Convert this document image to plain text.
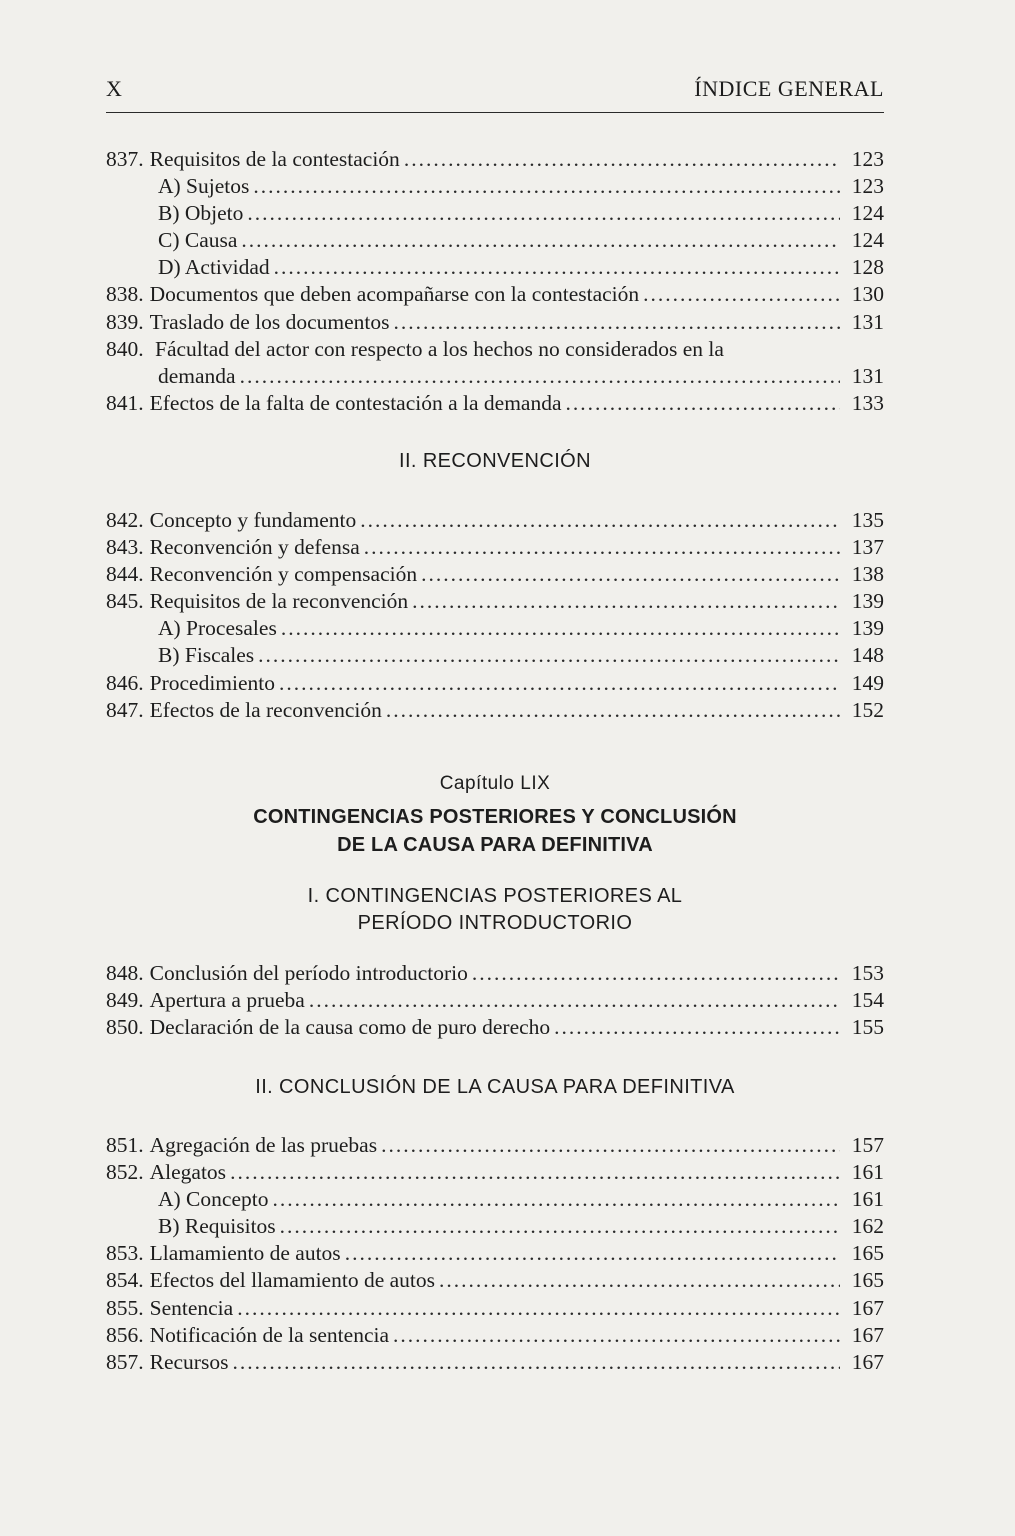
X	ÍNDICE GENERAL
837. Requisitos de la contestación .....	123
A) Sujetos .....	123
B) Objeto .....	124
C) Causa .....	124
D) Actividad .....	128
838. Documentos que deben acompañarse con la contestación .....	130
839. Traslado de los documentos .....	131
840. Fácultad del actor con respecto a los hechos no considerados en la
demanda .....	131
841. Efectos de la falta de contestación a la demanda .....	133
II. RECONVENCIÓN
842. Concepto y fundamento .....	135
843. Reconvención y defensa .....	137
844. Reconvención y compensación .....	138
845. Requisitos de la reconvención .....	139
A) Procesales .....	139
B) Fiscales .....	148
846. Procedimiento .....	149
847. Efectos de la reconvención .....	152
Capítulo LIX
CONTINGENCIAS POSTERIORES Y CONCLUSIÓN
DE LA CAUSA PARA DEFINITIVA
I. CONTINGENCIAS POSTERIORES AL
PERÍODO INTRODUCTORIO
848. Conclusión del período introductorio .....	153
849. Apertura a prueba .....	154
850. Declaración de la causa como de puro derecho .....	155
II. CONCLUSIÓN DE LA CAUSA PARA DEFINITIVA
851. Agregación de las pruebas .....	157
852. Alegatos .....	161
A) Concepto .....	161
B) Requisitos .....	162
853. Llamamiento de autos .....	165
854. Efectos del llamamiento de autos .....	165
855. Sentencia .....	167
856. Notificación de la sentencia .....	167
857. Recursos .....	167
